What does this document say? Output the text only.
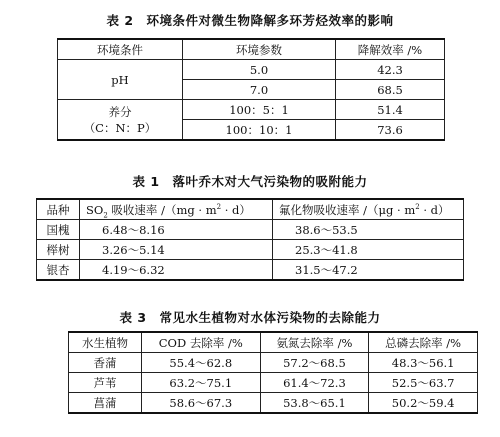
表 2　环境条件对微生物降解多环芳烃效率的影响
环境条件	环境参数	降解效率 /%
pH	5.0	42.3
	7.0	68.5

养分
（C：N：P）	100：5：1	51.4
	100：10：1	73.6
表 1　落叶乔木对大气污染物的吸附能力
品种	$SO_2$ 吸收速率 $/(mg \cdot m^2 \cdot d)$	氟化物吸收速率 $/(\mu g \cdot m^2 \cdot d)$
国槐	6.48～8.16	38.6～53.5
榉树	3.26～5.14	25.3～41.8
银杏	4.19～6.32	31.5～47.2
表 3　常见水生植物对水体污染物的去除能力
水生植物	COD 去除率 /%	氨氮去除率 /%	总磷去除率 /%
香蒲	55.4～62.8	57.2～68.5	48.3～56.1
芦苇	63.2～75.1	61.4～72.3	52.5～63.7
菖蒲	58.6～67.3	53.8～65.1	50.2～59.4
